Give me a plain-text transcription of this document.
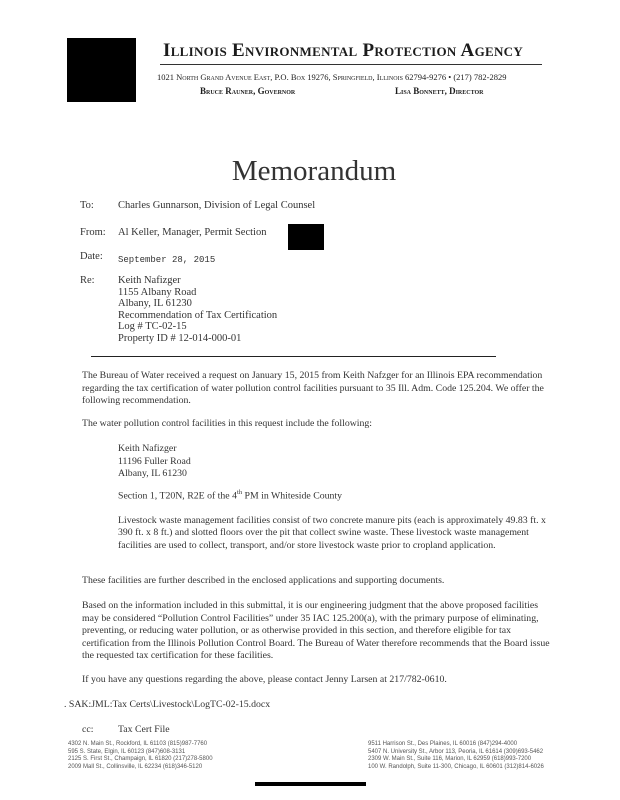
Illinois Environmental Protection Agency
1021 North Grand Avenue East, P.O. Box 19276, Springfield, Illinois 62794-9276 • (217) 782-2829
Bruce Rauner, Governor	Lisa Bonnett, Director
Memorandum
To: Charles Gunnarson, Division of Legal Counsel
From: Al Keller, Manager, Permit Section
Date: September 28, 2015
Re: Keith Nafizger
1155 Albany Road
Albany, IL 61230
Recommendation of Tax Certification
Log # TC-02-15
Property ID # 12-014-000-01

The Bureau of Water received a request on January 15, 2015 from Keith Nafzger for an Illinois EPA recommendation regarding the tax certification of water pollution control facilities pursuant to 35 Ill. Adm. Code 125.204. We offer the following recommendation.

The water pollution control facilities in this request include the following:

Keith Nafizger
11196 Fuller Road
Albany, IL 61230
Section 1, T20N, R2E of the 4th PM in Whiteside County

Livestock waste management facilities consist of two concrete manure pits (each is approximately 49.83 ft. x 390 ft. x 8 ft.) and slotted floors over the pit that collect swine waste. These livestock waste management facilities are used to collect, transport, and/or store livestock waste prior to cropland application.

These facilities are further described in the enclosed applications and supporting documents.

Based on the information included in this submittal, it is our engineering judgment that the above proposed facilities may be considered “Pollution Control Facilities” under 35 IAC 125.200(a), with the primary purpose of eliminating, preventing, or reducing water pollution, or as otherwise provided in this section, and therefore eligible for tax certification from the Illinois Pollution Control Board. The Bureau of Water therefore recommends that the Board issue the requested tax certification for these facilities.

If you have any questions regarding the above, please contact Jenny Larsen at 217/782-0610.

. SAK:JML:Tax Certs\Livestock\LogTC-02-15.docx
cc:	Tax Cert File
4302 N. Main St., Rockford, IL 61103 (815)987-7760
595 S. State, Elgin, IL 60123 (847)608-3131
2125 S. First St., Champaign, IL 61820 (217)278-5800
2009 Mall St., Collinsville, IL 62234 (618)346-5120
9511 Harrison St., Des Plaines, IL 60016 (847)294-4000
5407 N. University St., Arbor 113, Peoria, IL 61614 (309)693-5462
2309 W. Main St., Suite 116, Marion, IL 62959 (618)993-7200
100 W. Randolph, Suite 11-300, Chicago, IL 60601 (312)814-6026
